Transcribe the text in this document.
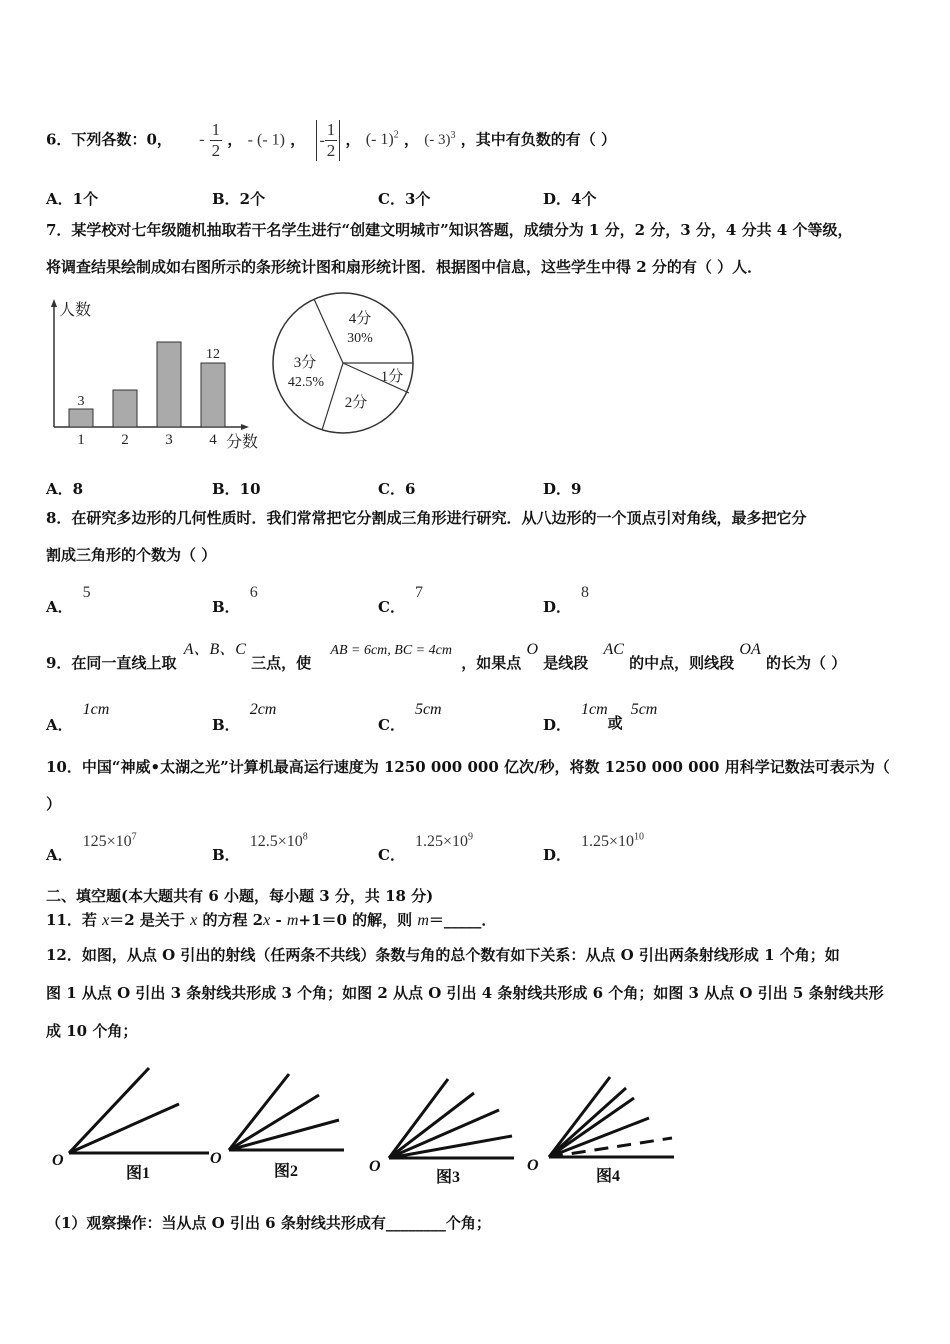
6．下列各数：0， - $\frac{1}{2}$ ， - (- 1) ， - $\frac{1}{2}$ ， (- 1)$^2$ ， (- 3)$^3$ ，其中有负数的有（ ）
A．1个	B．2个	C．3个	D．4个
7．某学校对七年级随机抽取若干名学生进行“创建文明城市”知识答题，成绩分为 1 分，2 分，3 分，4 分共 4 个等级，
将调查结果绘制成如右图所示的条形统计图和扇形统计图．根据图中信息，这些学生中得 2 分的有（ ）人．
人数
分数
3
12
1 2 3 4
4分
30%
3分
42.5%	1分
2分
A．8	B．10	C．6	D．9
8．在研究多边形的几何性质时．我们常常把它分割成三角形进行研究．从八边形的一个顶点引对角线，最多把它分
割成三角形的个数为（ ）
A．5
B．6
C．7
D．8
9．在同一直线上取 A、B、C 三点，使 AB = 6cm, BC = 4cm ，如果点 O 是线段 AC 的中点，则线段 OA 的长为（ ）
A．1cm
B．2cm
C．5cm
D．1cm或5cm
10．中国“神威•太湖之光”计算机最高运行速度为 1250 000 000 亿次/秒，将数 1250 000 000 用科学记数法可表示为（
）
A．$125\times 10^7$
B．$12.5\times 10^8$
C．$1.25\times 10^9$
D．$1.25\times 10^{10}$
二、填空题(本大题共有 6 小题，每小题 3 分，共 18 分)
11．若 x＝2 是关于 x 的方程 2x - m+1＝0 的解，则 m＝_____．
12．如图，从点 O 引出的射线（任两条不共线）条数与角的总个数有如下关系：从点 O 引出两条射线形成 1 个角；如
图 1 从点 O 引出 3 条射线共形成 3 个角；如图 2 从点 O 引出 4 条射线共形成 6 个角；如图 3 从点 O 引出 5 条射线共形
成 10 个角；
O
图1
O
图2	O
图3
O
图4
（1）观察操作：当从点 O 引出 6 条射线共形成有________个角；
